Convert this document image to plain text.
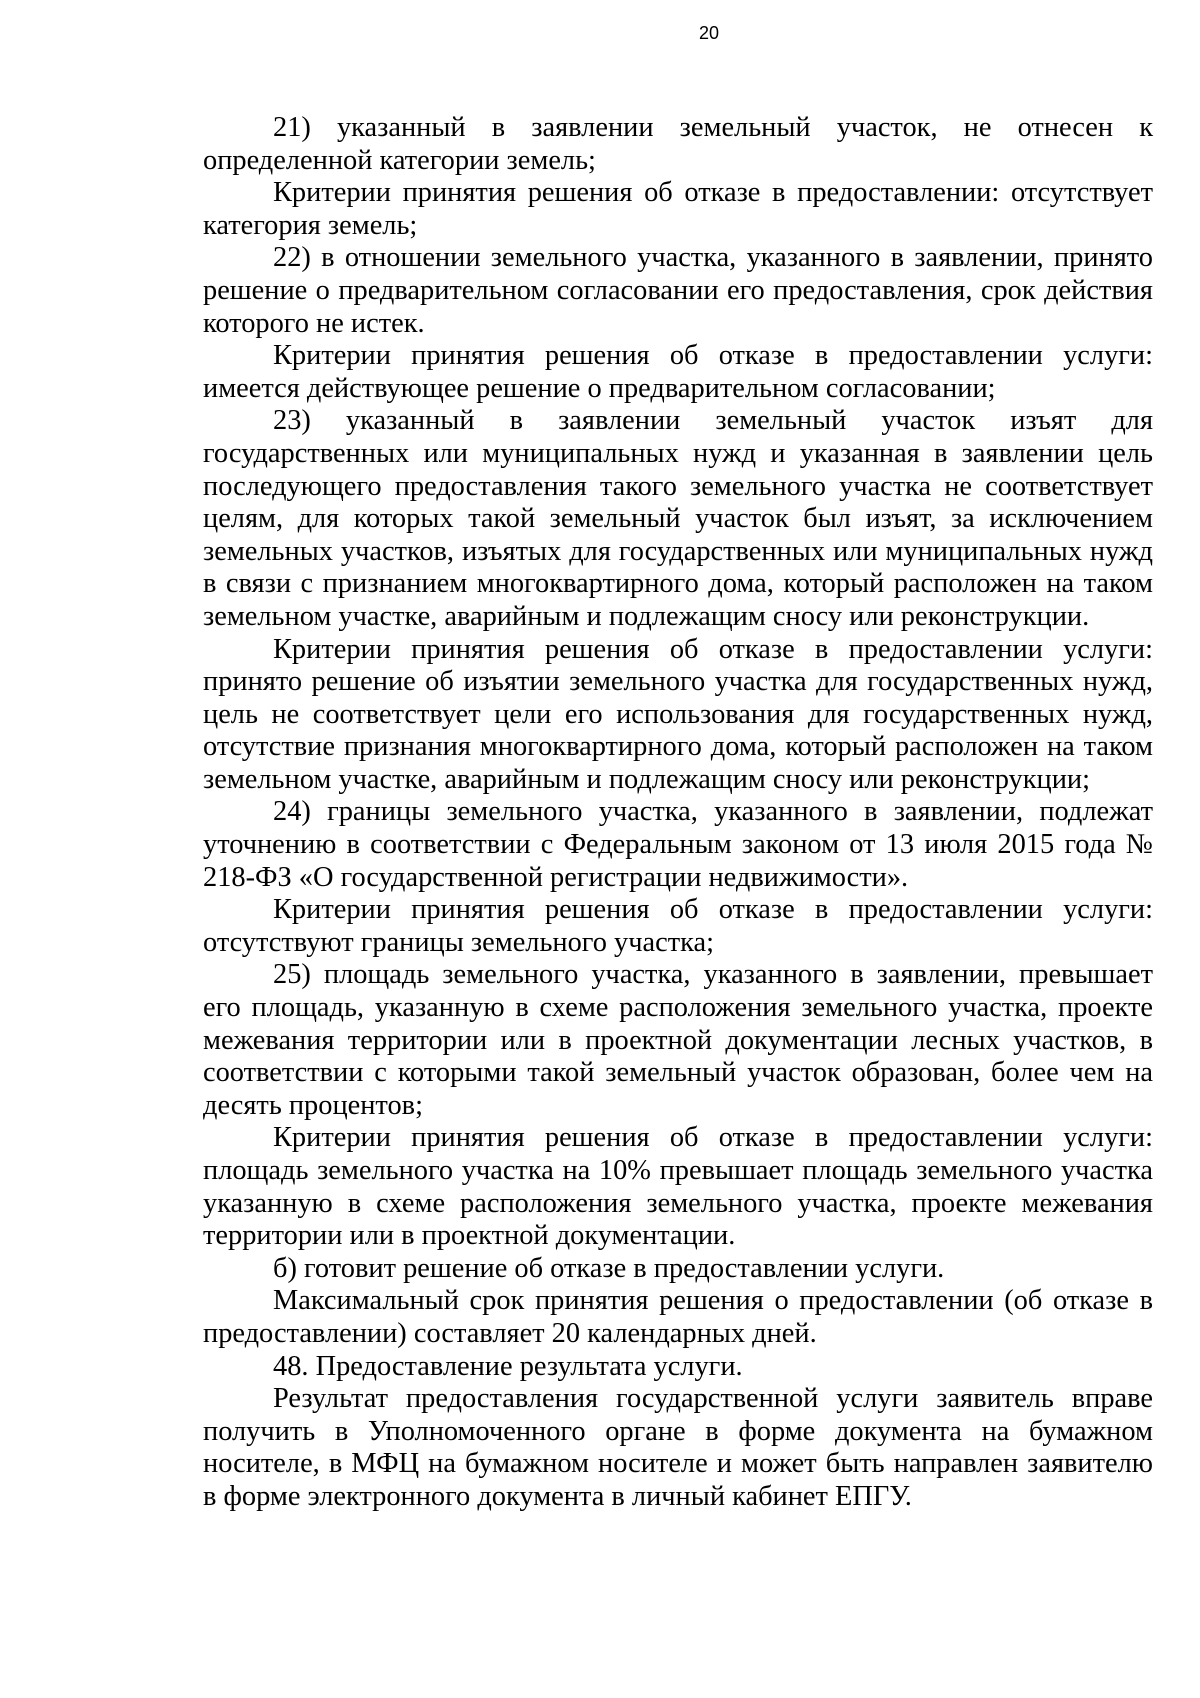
20

21) указанный в заявлении земельный участок, не отнесен к определенной категории земель;

Критерии принятия решения об отказе в предоставлении: отсутствует категория земель;

22) в отношении земельного участка, указанного в заявлении, принято решение о предварительном согласовании его предоставления, срок действия которого не истек.

Критерии принятия решения об отказе в предоставлении услуги: имеется действующее решение о предварительном согласовании;

23) указанный в заявлении земельный участок изъят для государственных или муниципальных нужд и указанная в заявлении цель последующего предоставления такого земельного участка не соответствует целям, для которых такой земельный участок был изъят, за исключением земельных участков, изъятых для государственных или муниципальных нужд в связи с признанием многоквартирного дома, который расположен на таком земельном участке, аварийным и подлежащим сносу или реконструкции.

Критерии принятия решения об отказе в предоставлении услуги: принято решение об изъятии земельного участка для государственных нужд, цель не соответствует цели его использования для государственных нужд, отсутствие признания многоквартирного дома, который расположен на таком земельном участке, аварийным и подлежащим сносу или реконструкции;

24) границы земельного участка, указанного в заявлении, подлежат уточнению в соответствии с Федеральным законом от 13 июля 2015 года № 218-ФЗ «О государственной регистрации недвижимости».

Критерии принятия решения об отказе в предоставлении услуги: отсутствуют границы земельного участка;

25) площадь земельного участка, указанного в заявлении, превышает его площадь, указанную в схеме расположения земельного участка, проекте межевания территории или в проектной документации лесных участков, в соответствии с которыми такой земельный участок образован, более чем на десять процентов;

Критерии принятия решения об отказе в предоставлении услуги: площадь земельного участка на 10% превышает площадь земельного участка указанную в схеме расположения земельного участка, проекте межевания территории или в проектной документации.

б) готовит решение об отказе в предоставлении услуги.

Максимальный срок принятия решения о предоставлении (об отказе в предоставлении) составляет 20 календарных дней.

48. Предоставление результата услуги.

Результат предоставления государственной услуги заявитель вправе получить в Уполномоченного органе в форме документа на бумажном носителе, в МФЦ на бумажном носителе и может быть направлен заявителю в форме электронного документа в личный кабинет ЕПГУ.
